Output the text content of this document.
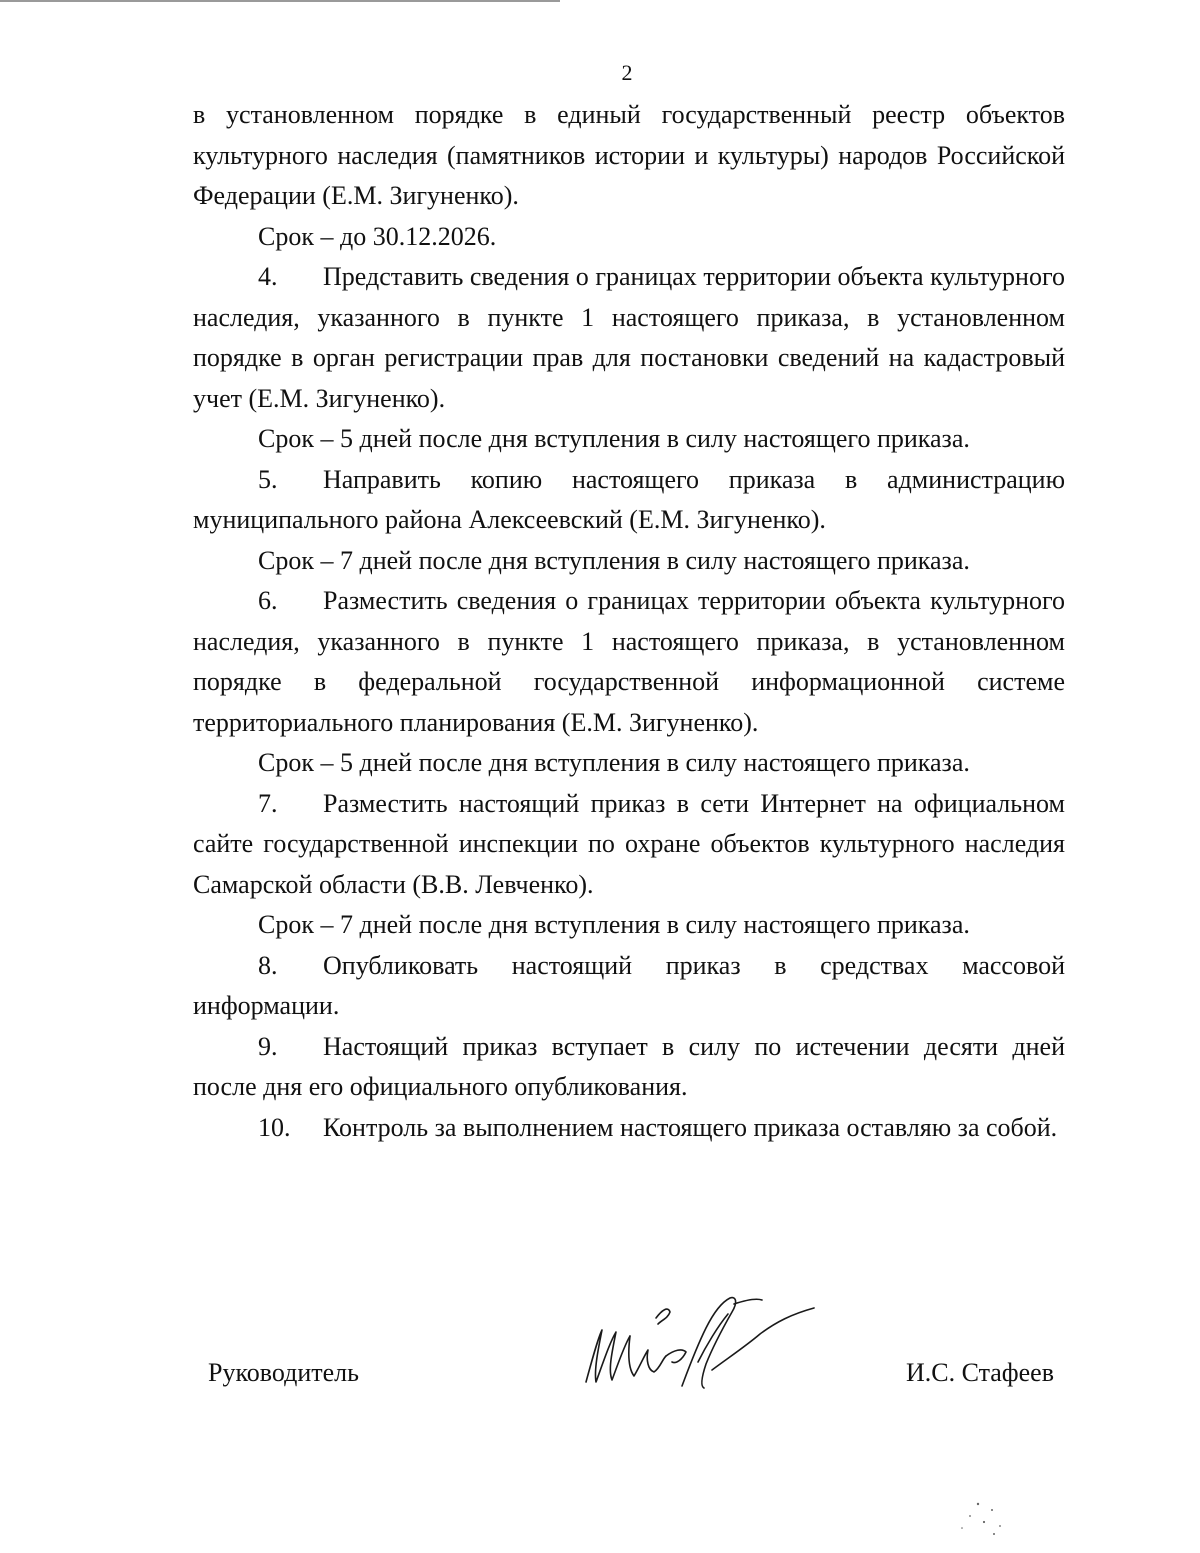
2

в установленном порядке в единый государственный реестр объектов культурного наследия (памятников истории и культуры) народов Российской Федерации (Е.М. Зигуненко).

Срок – до 30.12.2026.

4. Представить сведения о границах территории объекта культурного наследия, указанного в пункте 1 настоящего приказа, в установленном порядке в орган регистрации прав для постановки сведений на кадастровый учет (Е.М. Зигуненко).

Срок – 5 дней после дня вступления в силу настоящего приказа.

5. Направить копию настоящего приказа в администрацию муниципального района Алексеевский (Е.М. Зигуненко).

Срок – 7 дней после дня вступления в силу настоящего приказа.

6. Разместить сведения о границах территории объекта культурного наследия, указанного в пункте 1 настоящего приказа, в установленном порядке в федеральной государственной информационной системе территориального планирования (Е.М. Зигуненко).

Срок – 5 дней после дня вступления в силу настоящего приказа.

7. Разместить настоящий приказ в сети Интернет на официальном сайте государственной инспекции по охране объектов культурного наследия Самарской области (В.В. Левченко).

Срок – 7 дней после дня вступления в силу настоящего приказа.

8. Опубликовать настоящий приказ в средствах массовой информации.

9. Настоящий приказ вступает в силу по истечении десяти дней после дня его официального опубликования.

10. Контроль за выполнением настоящего приказа оставляю за собой.

Руководитель	И.С. Стафеев
